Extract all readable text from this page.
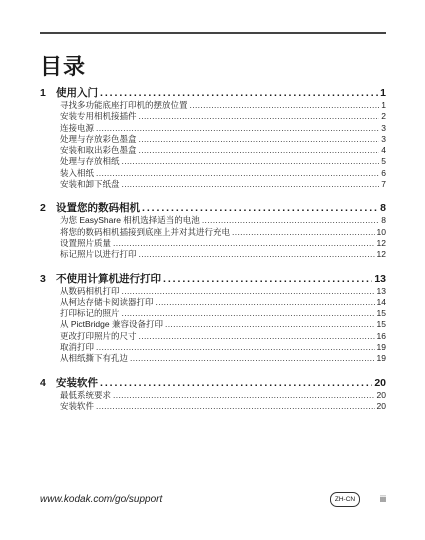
目录
1 使用入门 . . .	1
寻找多功能底座打印机的摆放位置 . . .	1
安装专用相机接插件 . . .	2
连接电源 . . .	3
处理与存放彩色墨盒 . . .	3
安装和取出彩色墨盒 . . .	4
处理与存放相纸 . . .	5
装入相纸 . . .	6
安装和卸下纸盘 . . .	7
2 设置您的数码相机 . . .	8
为您 EasyShare 相机选择适当的电池 . . .	8
将您的数码相机插接到底座上并对其进行充电 . . .	10
设置照片质量 . . .	12
标记照片以进行打印 . . .	12
3 不使用计算机进行打印 . . .	13
从数码相机打印 . . .	13
从柯达存储卡阅读器打印 . . .	14
打印标记的照片 . . .	15
从 PictBridge 兼容设备打印 . . .	15
更改打印照片的尺寸 . . .	16
取消打印 . . .	19
从相纸撕下有孔边 . . .	19
4 安装软件 . . .	20
最低系统要求 . . .	20
安装软件 . . .	20
www.kodak.com/go/support	ZH-CN	iii
